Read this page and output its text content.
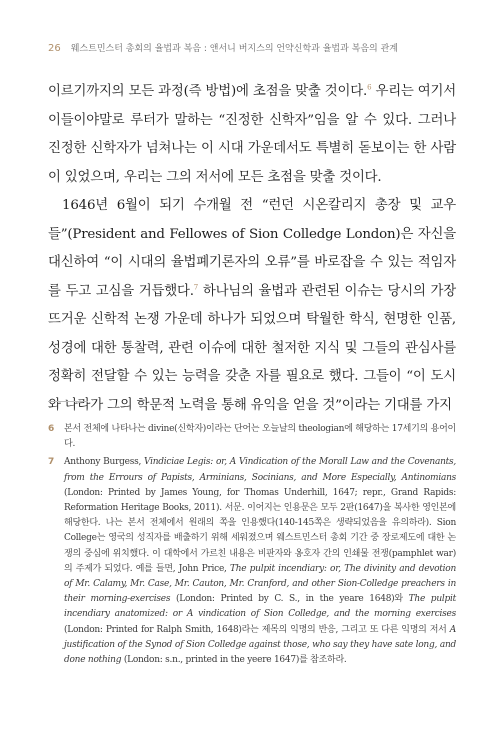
26 웨스트민스터 총회의 율법과 복음 : 앤서니 버지스의 언약신학과 율법과 복음의 관계

이르기까지의 모든 과정(즉 방법)에 초점을 맞출 것이다.$^6$ 우리는 여기서 이들이야말로 루터가 말하는 “진정한 신학자”임을 알 수 있다. 그러나 진정한 신학자가 넘쳐나는 이 시대 가운데서도 특별히 돋보이는 한 사람이 있었으며, 우리는 그의 저서에 모든 초점을 맞출 것이다.

1646년 6월이 되기 수개월 전 “런던 시온칼리지 총장 및 교우들”(President and Fellowes of Sion Colledge London)은 자신을 대신하여 “이 시대의 율법폐기론자의 오류”를 바로잡을 수 있는 적임자를 두고 고심을 거듭했다.$^7$ 하나님의 율법과 관련된 이슈는 당시의 가장 뜨거운 신학적 논쟁 가운데 하나가 되었으며 탁월한 학식, 현명한 인품, 성경에 대한 통찰력, 관련 이슈에 대한 철저한 지식 및 그들의 관심사를 정확히 전달할 수 있는 능력을 갖춘 자를 필요로 했다. 그들이 “이 도시와 나라가 그의 학문적 노력을 통해 유익을 얻을 것”이라는 기대를 가지

6	본서 전체에 나타나는 divine(신학자)이라는 단어는 오늘날의 theologian에 해당하는 17세기의 용어이다.
7	Anthony Burgess, Vindiciae Legis: or, A Vindication of the Morall Law and the Covenants, from the Errours of Papists, Arminians, Socinians, and More Especially, Antinomians (London: Printed by James Young, for Thomas Underhill, 1647; repr., Grand Rapids: Reformation Heritage Books, 2011). 서문. 이어지는 인용문은 모두 2판(1647)을 복사한 영인본에 해당한다. 나는 본서 전체에서 원래의 쪽을 인용했다(140-145쪽은 생략되었음을 유의하라). Sion College는 영국의 성직자를 배출하기 위해 세워졌으며 웨스트민스터 총회 기간 중 장로제도에 대한 논쟁의 중심에 위치했다. 이 대학에서 가르친 내용은 비판자와 옹호자 간의 인쇄물 전쟁(pamphlet war)의 주제가 되었다. 예를 들면, John Price, The pulpit incendiary: or, The divinity and devotion of Mr. Calamy, Mr. Case, Mr. Cauton, Mr. Cranford, and other Sion-Colledge preachers in their morning-exercises (London: Printed by C. S., in the yeare 1648)와 The pulpit incendiary anatomized: or A vindication of Sion Colledge, and the morning exercises (London: Printed for Ralph Smith, 1648)라는 제목의 익명의 반응, 그리고 또 다른 익명의 저서 A justification of the Synod of Sion Colledge against those, who say they have sate long, and done nothing (London: s.n., printed in the yeere 1647)를 참조하라.
